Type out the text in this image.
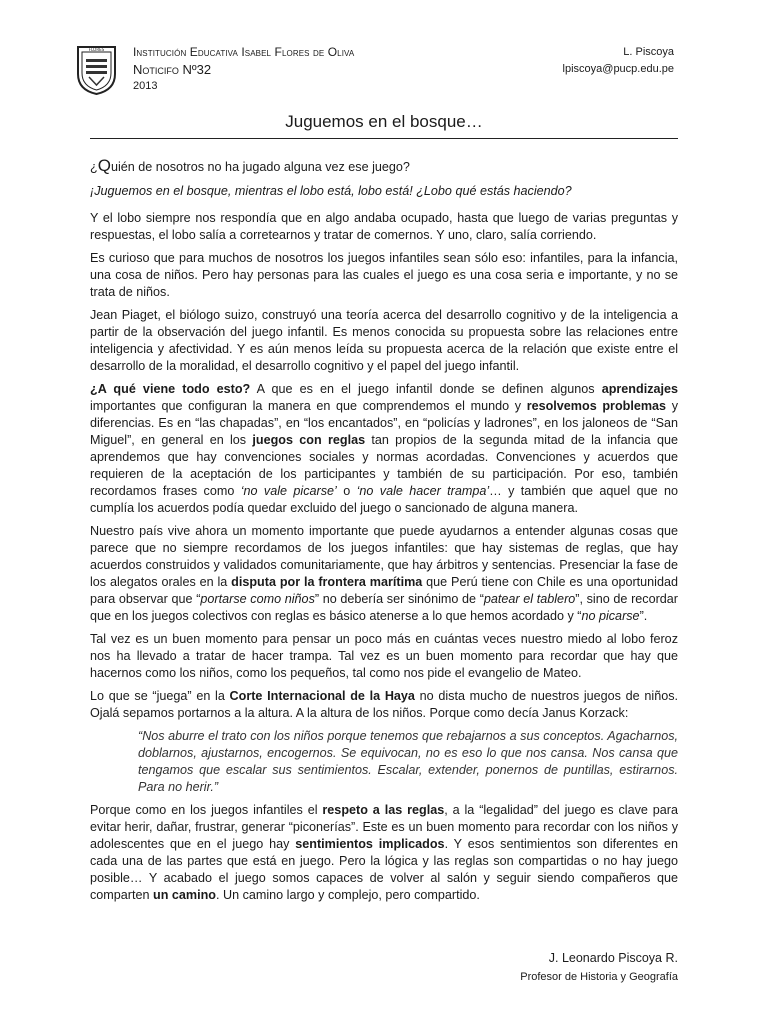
FLORES Institución Educativa Isabel Flores de Oliva
Noticifo Nº32
2013
L. Piscoya
lpiscoya@pucp.edu.pe
Juguemos en el bosque…

¿Quién de nosotros no ha jugado alguna vez ese juego?

¡Juguemos en el bosque, mientras el lobo está, lobo está! ¿Lobo qué estás haciendo?

Y el lobo siempre nos respondía que en algo andaba ocupado, hasta que luego de varias preguntas y respuestas, el lobo salía a corretearnos y tratar de comernos. Y uno, claro, salía corriendo.

Es curioso que para muchos de nosotros los juegos infantiles sean sólo eso: infantiles, para la infancia, una cosa de niños. Pero hay personas para las cuales el juego es una cosa seria e importante, y no se trata de niños.

Jean Piaget, el biólogo suizo, construyó una teoría acerca del desarrollo cognitivo y de la inteligencia a partir de la observación del juego infantil. Es menos conocida su propuesta sobre las relaciones entre inteligencia y afectividad. Y es aún menos leída su propuesta acerca de la relación que existe entre el desarrollo de la moralidad, el desarrollo cognitivo y el papel del juego infantil.

¿A qué viene todo esto? A que es en el juego infantil donde se definen algunos aprendizajes importantes que configuran la manera en que comprendemos el mundo y resolvemos problemas y diferencias. Es en “las chapadas”, en “los encantados”, en “policías y ladrones”, en los jaloneos de “San Miguel”, en general en los juegos con reglas tan propios de la segunda mitad de la infancia que aprendemos que hay convenciones sociales y normas acordadas. Convenciones y acuerdos que requieren de la aceptación de los participantes y también de su participación. Por eso, también recordamos frases como ‘no vale picarse’ o ‘no vale hacer trampa’… y también que aquel que no cumplía los acuerdos podía quedar excluido del juego o sancionado de alguna manera.

Nuestro país vive ahora un momento importante que puede ayudarnos a entender algunas cosas que parece que no siempre recordamos de los juegos infantiles: que hay sistemas de reglas, que hay acuerdos construidos y validados comunitariamente, que hay árbitros y sentencias. Presenciar la fase de los alegatos orales en la disputa por la frontera marítima que Perú tiene con Chile es una oportunidad para observar que “portarse como niños” no debería ser sinónimo de “patear el tablero”, sino de recordar que en los juegos colectivos con reglas es básico atenerse a lo que hemos acordado y “no picarse”.

Tal vez es un buen momento para pensar un poco más en cuántas veces nuestro miedo al lobo feroz nos ha llevado a tratar de hacer trampa. Tal vez es un buen momento para recordar que hay que hacernos como los niños, como los pequeños, tal como nos pide el evangelio de Mateo.

Lo que se “juega” en la Corte Internacional de la Haya no dista mucho de nuestros juegos de niños. Ojalá sepamos portarnos a la altura. A la altura de los niños. Porque como decía Janus Korzack:

“Nos aburre el trato con los niños porque tenemos que rebajarnos a sus conceptos. Agacharnos, doblarnos, ajustarnos, encogernos. Se equivocan, no es eso lo que nos cansa. Nos cansa que tengamos que escalar sus sentimientos. Escalar, extender, ponernos de puntillas, estirarnos. Para no herir.”

Porque como en los juegos infantiles el respeto a las reglas, a la “legalidad” del juego es clave para evitar herir, dañar, frustrar, generar “piconerías”. Este es un buen momento para recordar con los niños y adolescentes que en el juego hay sentimientos implicados. Y esos sentimientos son diferentes en cada una de las partes que está en juego. Pero la lógica y las reglas son compartidas o no hay juego posible… Y acabado el juego somos capaces de volver al salón y seguir siendo compañeros que comparten un camino. Un camino largo y complejo, pero compartido.

J. Leonardo Piscoya R.
Profesor de Historia y Geografía
